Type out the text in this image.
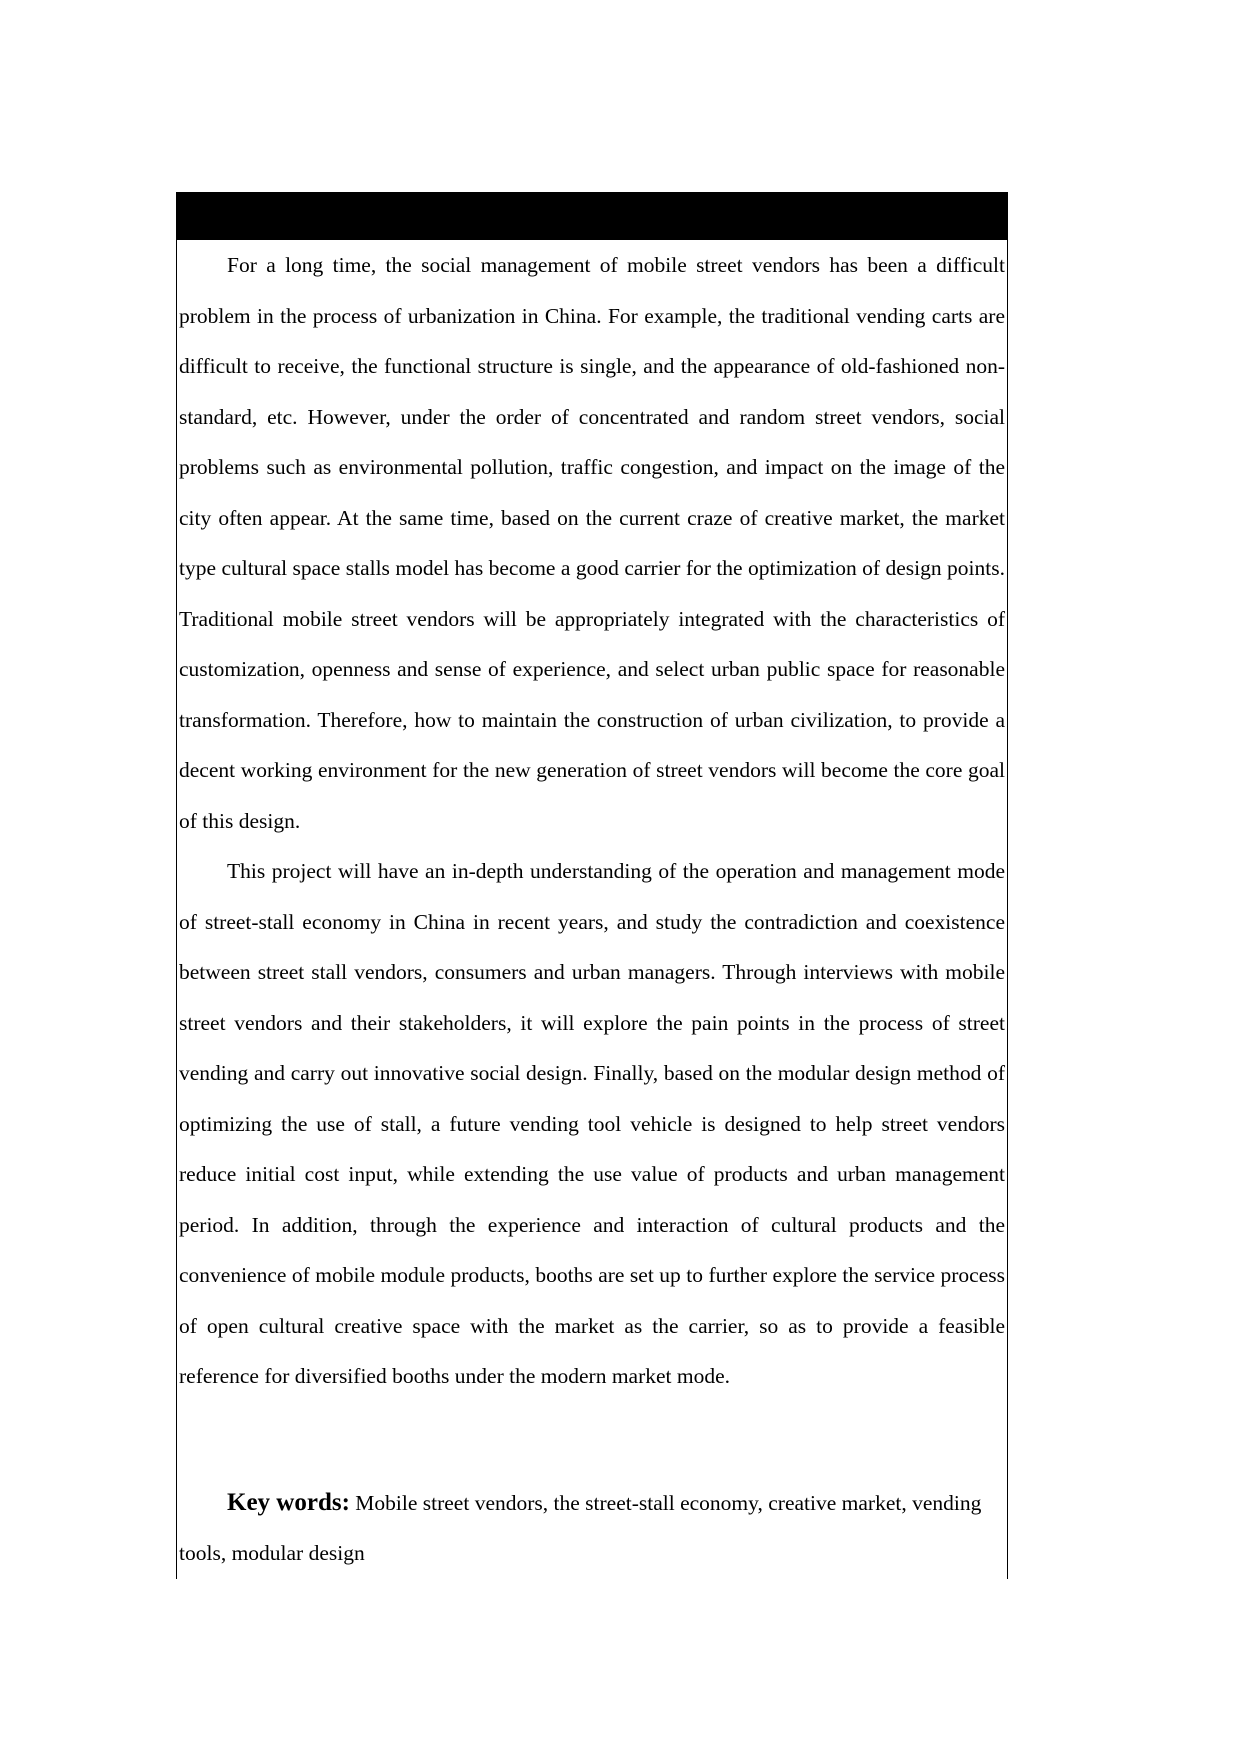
For a long time, the social management of mobile street vendors has been a difficult problem in the process of urbanization in China. For example, the traditional vending carts are difficult to receive, the functional structure is single, and the appearance of old-fashioned non-standard, etc. However, under the order of concentrated and random street vendors, social problems such as environmental pollution, traffic congestion, and impact on the image of the city often appear. At the same time, based on the current craze of creative market, the market type cultural space stalls model has become a good carrier for the optimization of design points. Traditional mobile street vendors will be appropriately integrated with the characteristics of customization, openness and sense of experience, and select urban public space for reasonable transformation. Therefore, how to maintain the construction of urban civilization, to provide a decent working environment for the new generation of street vendors will become the core goal of this design.

This project will have an in-depth understanding of the operation and management mode of street-stall economy in China in recent years, and study the contradiction and coexistence between street stall vendors, consumers and urban managers. Through interviews with mobile street vendors and their stakeholders, it will explore the pain points in the process of street vending and carry out innovative social design. Finally, based on the modular design method of optimizing the use of stall, a future vending tool vehicle is designed to help street vendors reduce initial cost input, while extending the use value of products and urban management period. In addition, through the experience and interaction of cultural products and the convenience of mobile module products, booths are set up to further explore the service process of open cultural creative space with the market as the carrier, so as to provide a feasible reference for diversified booths under the modern market mode.

Key words: Mobile street vendors, the street-stall economy, creative market, vending tools, modular design
